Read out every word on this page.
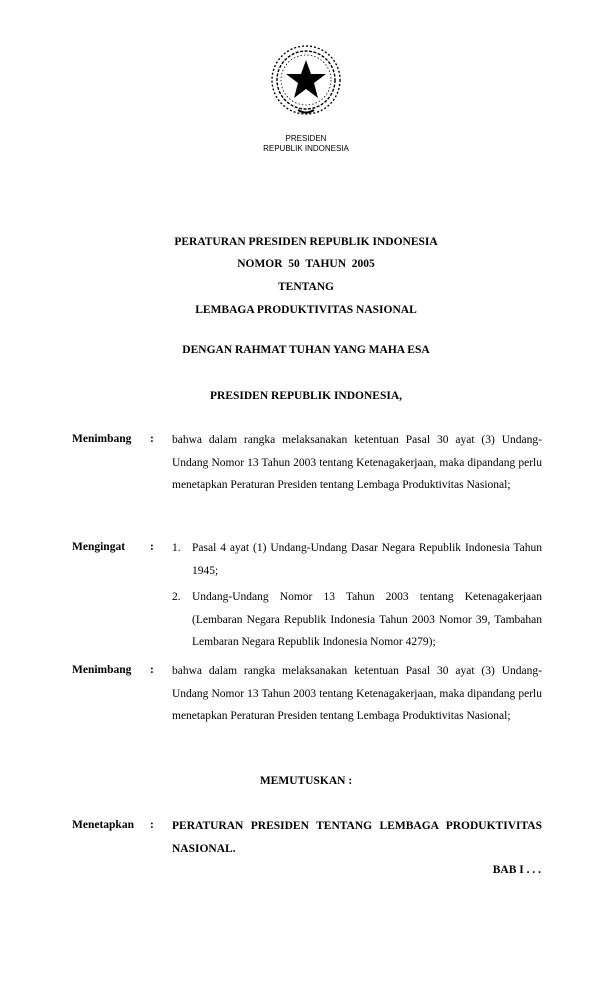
PRESIDEN
REPUBLIK INDONESIA
PERATURAN PRESIDEN REPUBLIK INDONESIA
NOMOR  50  TAHUN  2005
TENTANG
LEMBAGA PRODUKTIVITAS NASIONAL
DENGAN RAHMAT TUHAN YANG MAHA ESA
PRESIDEN REPUBLIK INDONESIA,
Menimbang : bahwa dalam rangka melaksanakan ketentuan Pasal 30 ayat (3) Undang-Undang Nomor 13 Tahun 2003 tentang Ketenagakerjaan, maka dipandang perlu menetapkan Peraturan Presiden tentang Lembaga Produktivitas Nasional;
Mengingat : 1. Pasal 4 ayat (1) Undang-Undang Dasar Negara Republik Indonesia Tahun 1945;
2. Undang-Undang Nomor 13 Tahun 2003 tentang Ketenagakerjaan (Lembaran Negara Republik Indonesia Tahun 2003 Nomor 39, Tambahan Lembaran Negara Republik Indonesia Nomor 4279);
Menimbang : bahwa dalam rangka melaksanakan ketentuan Pasal 30 ayat (3) Undang-Undang Nomor 13 Tahun 2003 tentang Ketenagakerjaan, maka dipandang perlu menetapkan Peraturan Presiden tentang Lembaga Produktivitas Nasional;
MEMUTUSKAN :
Menetapkan : PERATURAN PRESIDEN TENTANG LEMBAGA PRODUKTIVITAS NASIONAL.
BAB I . . .
